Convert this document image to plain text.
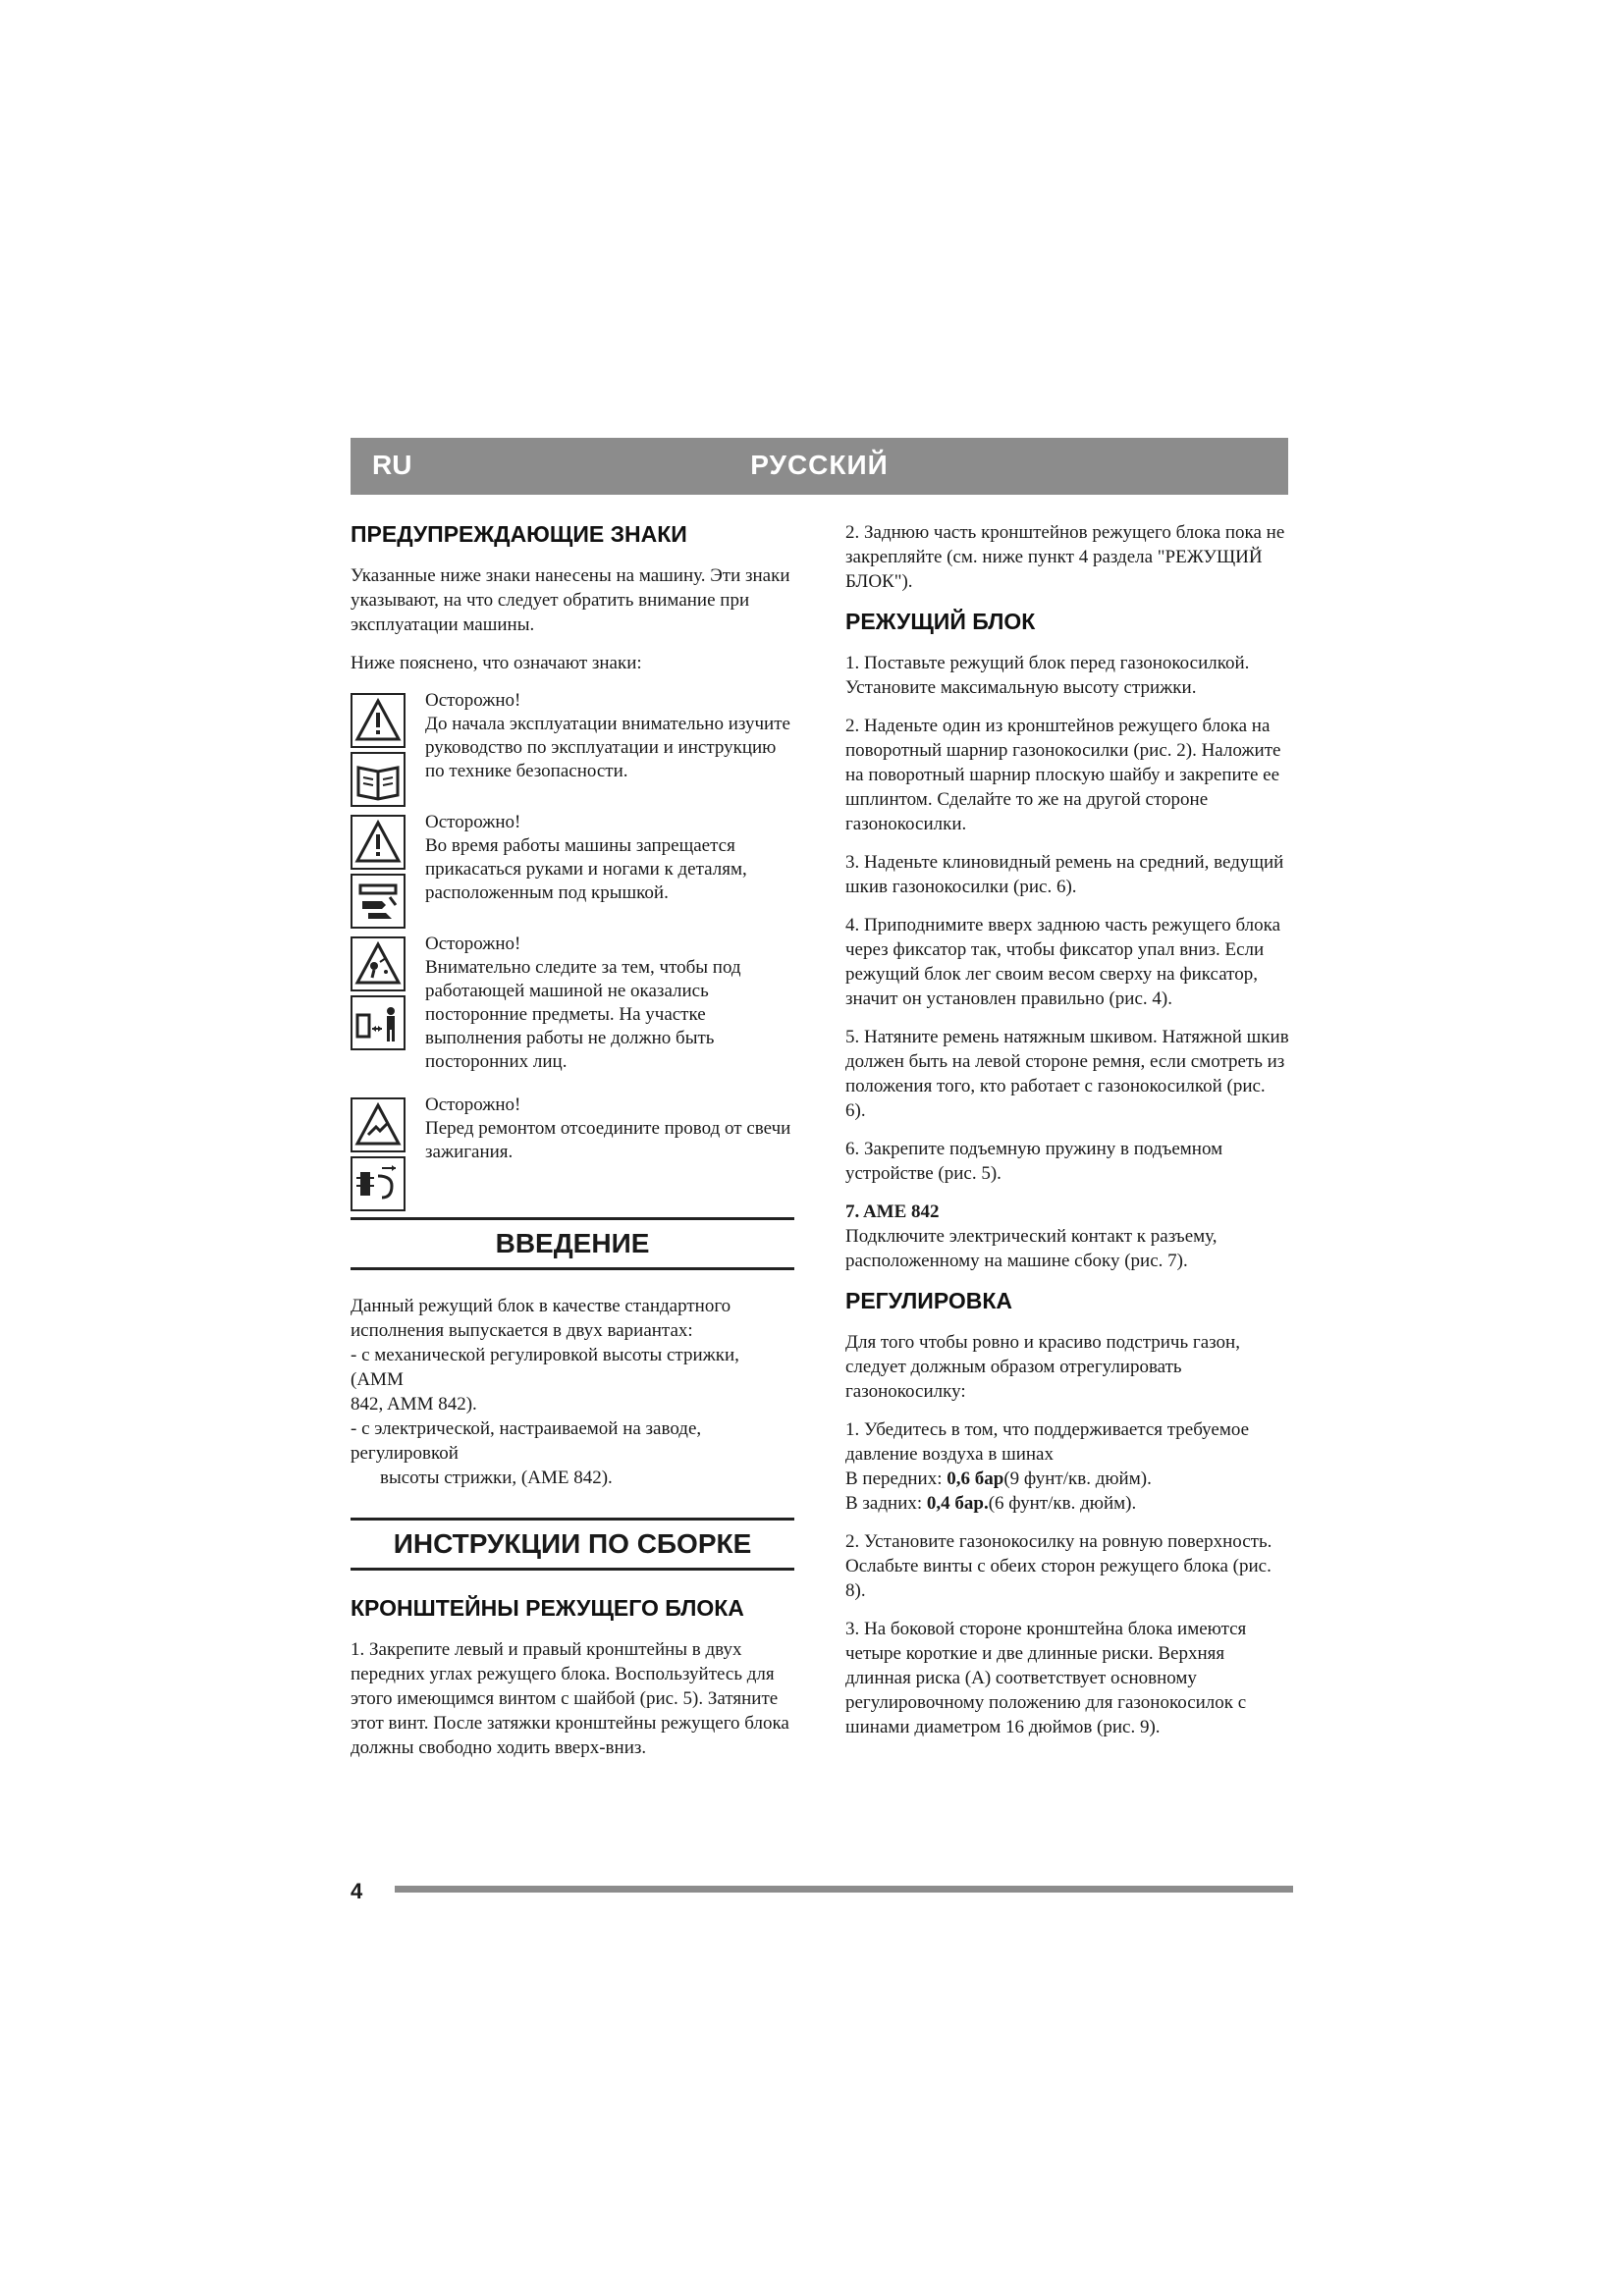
RU	РУССКИЙ
ПРЕДУПРЕЖДАЮЩИЕ ЗНАКИ

Указанные ниже знаки нанесены на машину. Эти знаки указывают, на что следует обратить внимание при эксплуатации машины.

Ниже пояснено, что означают знаки:

Осторожно!
До начала эксплуатации внимательно изучите руководство по эксплуатации и инструкцию по технике безопасности.
Осторожно!
Во время работы машины запрещается прикасаться руками и ногами к деталям, расположенным под крышкой.
Осторожно!
Внимательно следите за тем, чтобы под работающей машиной не оказались посторонние предметы. На участке выполнения работы не должно быть посторонних лиц.
Осторожно!
Перед ремонтом отсоедините провод от свечи зажигания.
ВВЕДЕНИЕ

Данный режущий блок в качестве стандартного исполнения выпускается в двух вариантах:

- с механической регулировкой высоты стрижки, (AMM
842, AMM 842).
- с электрической, настраиваемой на заводе, регулировкой
высоты стрижки, (AME 842).
ИНСТРУКЦИИ ПО СБОРКЕ
КРОНШТЕЙНЫ РЕЖУЩЕГО БЛОКА

1. Закрепите левый и правый кронштейны в двух передних углах режущего блока. Воспользуйтесь для этого имеющимся винтом с шайбой (рис. 5). Затяните этот винт. После затяжки кронштейны режущего блока должны свободно ходить вверх-вниз.

2. Заднюю часть кронштейнов режущего блока пока не закрепляйте (см. ниже пункт 4 раздела "РЕЖУЩИЙ БЛОК").

РЕЖУЩИЙ БЛОК

1. Поставьте режущий блок перед газонокосилкой. Установите максимальную высоту стрижки.

2. Наденьте один из кронштейнов режущего блока на поворотный шарнир газонокосилки (рис. 2). Наложите на поворотный шарнир плоскую шайбу и закрепите ее шплинтом. Сделайте то же на другой стороне газонокосилки.

3. Наденьте клиновидный ремень на средний, ведущий шкив газонокосилки (рис. 6).

4. Приподнимите вверх заднюю часть режущего блока через фиксатор так, чтобы фиксатор упал вниз. Если режущий блок лег своим весом сверху на фиксатор, значит он установлен правильно (рис. 4).

5. Натяните ремень натяжным шкивом. Натяжной шкив должен быть на левой стороне ремня, если смотреть из положения того, кто работает с газонокосилкой (рис. 6).

6. Закрепите подъемную пружину в подъемном устройстве (рис. 5).

7. AME 842
Подключите электрический контакт к разъему, расположенному на машине сбоку (рис. 7).

РЕГУЛИРОВКА

Для того чтобы ровно и красиво подстричь газон, следует должным образом отрегулировать газонокосилку:

1. Убедитесь в том, что поддерживается требуемое давление воздуха в шинах
В передних: 0,6 бар(9 фунт/кв. дюйм).
В задних: 0,4 бар.(6 фунт/кв. дюйм).

2. Установите газонокосилку на ровную поверхность. Ослабьте винты с обеих сторон режущего блока (рис. 8).

3. На боковой стороне кронштейна блока имеются четыре короткие и две длинные риски. Верхняя длинная риска (А) соответствует основному регулировочному положению для газонокосилок с шинами диаметром 16 дюймов (рис. 9).

4
